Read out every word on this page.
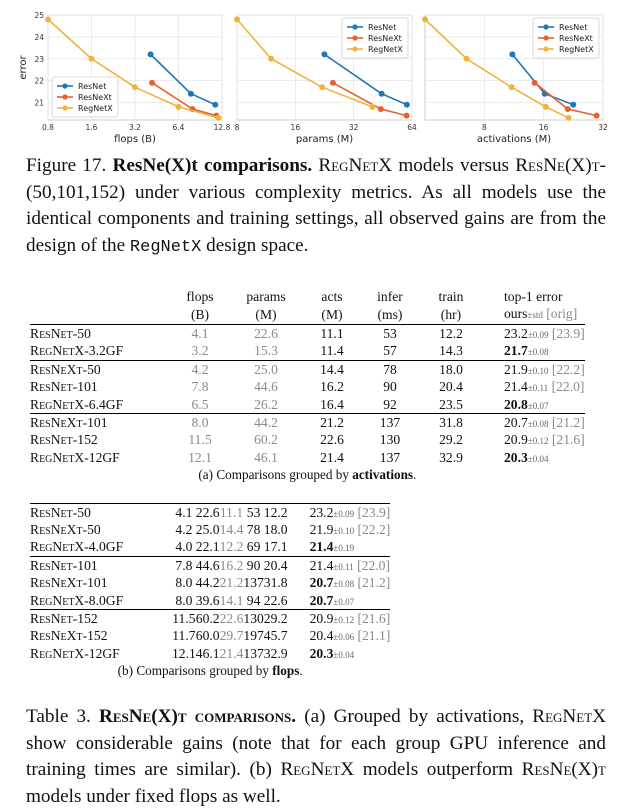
21
22
23
24
25
0.8	1.6	3.2	6.4	12.8
flops (B)
error
ResNet
ResNeXt
RegNetX
8	16	32	64
params (M)
ResNet
ResNeXt
RegNetX
8	16	32
activations (M)
ResNet
ResNeXt
RegNetX

Figure 17. ResNe(X)t comparisons. RegNetX models versus ResNe(X)t-(50,101,152) under various complexity metrics. As all models use the identical components and training settings, all observed gains are from the design of the RegNetX design space.

	flops	params	acts	infer	train	top-1 error
	(B)	(M)	(M)	(ms)	(hr)	ours±std [orig]
ResNet-50	4.1	22.6	11.1	53	12.2	23.2±0.09 [23.9]
RegNetX-3.2GF	3.2	15.3	11.4	57	14.3	21.7±0.08
ResNeXt-50	4.2	25.0	14.4	78	18.0	21.9±0.10 [22.2]
ResNet-101	7.8	44.6	16.2	90	20.4	21.4±0.11 [22.0]
RegNetX-6.4GF	6.5	26.2	16.4	92	23.5	20.8±0.07
ResNeXt-101	8.0	44.2	21.2	137	31.8	20.7±0.08 [21.2]
ResNet-152	11.5	60.2	22.6	130	29.2	20.9±0.12 [21.6]
RegNetX-12GF	12.1	46.1	21.4	137	32.9	20.3±0.04
(a) Comparisons grouped by activations.						
ResNet-50	4.1	22.6	11.1	53	12.2	23.2±0.09 [23.9]
ResNeXt-50	4.2	25.0	14.4	78	18.0	21.9±0.10 [22.2]
RegNetX-4.0GF	4.0	22.1	12.2	69	17.1	21.4±0.19
ResNet-101	7.8	44.6	16.2	90	20.4	21.4±0.11 [22.0]
ResNeXt-101	8.0	44.2	21.2	137	31.8	20.7±0.08 [21.2]
RegNetX-8.0GF	8.0	39.6	14.1	94	22.6	20.7±0.07
ResNet-152	11.5	60.2	22.6	130	29.2	20.9±0.12 [21.6]
ResNeXt-152	11.7	60.0	29.7	197	45.7	20.4±0.06 [21.1]
RegNetX-12GF	12.1	46.1	21.4	137	32.9	20.3±0.04
(b) Comparisons grouped by flops.						

Table 3. ResNe(X)t comparisons. (a) Grouped by activations, RegNetX show considerable gains (note that for each group GPU inference and training times are similar). (b) RegNetX models outperform ResNe(X)t models under fixed flops as well.
